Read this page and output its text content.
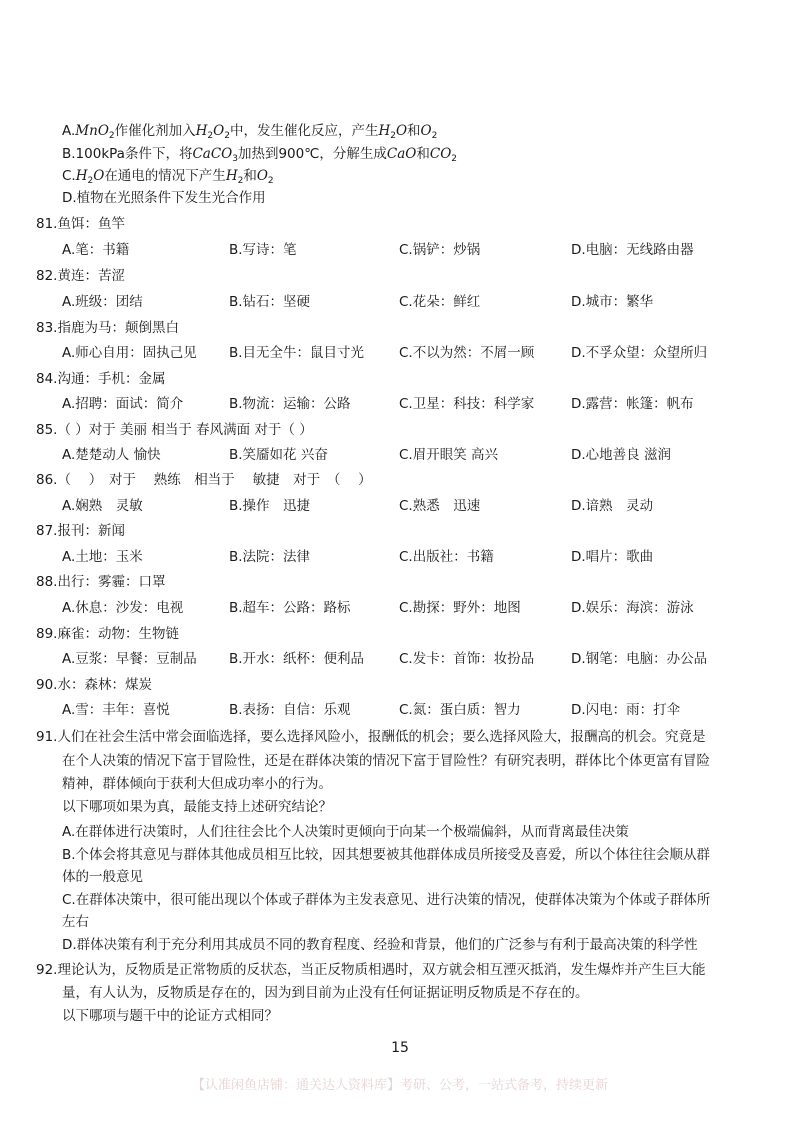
A.MnO$_2$作催化剂加入$H_2O_2$中，发生催化反应，产生$H_2O$和$O_2$
B.100kPa条件下，将CaCO$_3$加热到900℃，分解生成CaO和$CO_2$
$C.H_2O$在通电的情况下产生$H_2$和$O_2$
D.植物在光照条件下发生光合作用
81.鱼饵：鱼竿
A.笔：书籍	B.写诗：笔	C.锅铲：炒锅	D.电脑：无线路由器
82.黄连：苦涩
A.班级：团结	B.钻石：坚硬	C.花朵：鲜红	D.城市：繁华
83.指鹿为马：颠倒黑白
A.师心自用：固执己见 B.目无全牛：鼠目寸光	C.不以为然：不屑一顾	D.不孚众望：众望所归
84.沟通：手机：金属
A.招聘：面试：简介	B.物流：运输：公路	C.卫星：科技：科学家	D.露营：帐篷：帆布
85.（ ）对于 美丽 相当于 春风满面 对于（ ）
A.楚楚动人 愉快	B.笑靥如花 兴奋	C.眉开眼笑 高兴	D.心地善良 滋润
86.（　 ）　对于　 熟练　相当于　 敏捷　对于　（　 ）
A.娴熟　灵敏	B.操作　迅捷	C.熟悉　迅速	D.谙熟　灵动
87.报刊：新闻
A.土地：玉米	B.法院：法律	C.出版社：书籍	D.唱片：歌曲
88.出行：雾霾：口罩
A.休息：沙发：电视	B.超车：公路：路标	C.勘探：野外：地图	D.娱乐：海滨：游泳
89.麻雀：动物：生物链
A.豆浆：早餐：豆制品 B.开水：纸杯：便利品	C.发卡：首饰：妆扮品	D.钢笔：电脑：办公品
90.水：森林：煤炭
A.雪：丰年：喜悦	B.表扬：自信：乐观	C.氮：蛋白质：智力	D.闪电：雨：打伞
91.人们在社会生活中常会面临选择，要么选择风险小，报酬低的机会；要么选择风险大，报酬高的机会。究竟是
在个人决策的情况下富于冒险性，还是在群体决策的情况下富于冒险性？有研究表明，群体比个体更富有冒险
精神，群体倾向于获利大但成功率小的行为。
以下哪项如果为真，最能支持上述研究结论？
A.在群体进行决策时，人们往往会比个人决策时更倾向于向某一个极端偏斜，从而背离最佳决策
B.个体会将其意见与群体其他成员相互比较，因其想要被其他群体成员所接受及喜爱，所以个体往往会顺从群
体的一般意见
C.在群体决策中，很可能出现以个体或子群体为主发表意见、进行决策的情况，使群体决策为个体或子群体所
左右
D.群体决策有利于充分利用其成员不同的教育程度、经验和背景，他们的广泛参与有利于最高决策的科学性
92.理论认为，反物质是正常物质的反状态，当正反物质相遇时，双方就会相互湮灭抵消，发生爆炸并产生巨大能
量，有人认为，反物质是存在的，因为到目前为止没有任何证据证明反物质是不存在的。
以下哪项与题干中的论证方式相同？
15
【认准闲鱼店铺：通关达人资料库】考研、公考，一站式备考，持续更新
